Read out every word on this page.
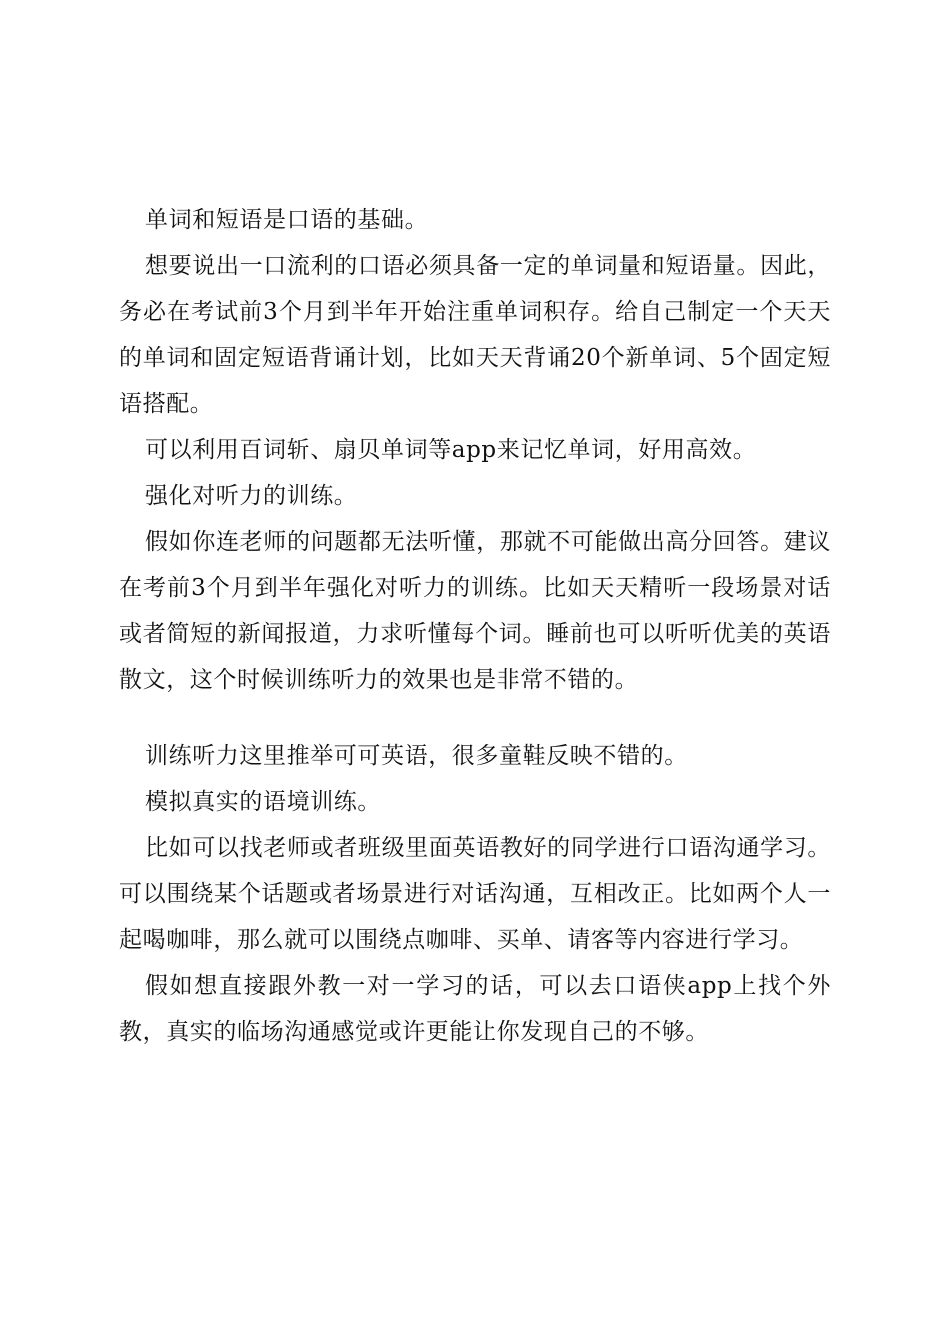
单词和短语是口语的基础。

想要说出一口流利的口语必须具备一定的单词量和短语量。因此，务必在考试前3个月到半年开始注重单词积存。给自己制定一个天天的单词和固定短语背诵计划，比如天天背诵20个新单词、5个固定短语搭配。

可以利用百词斩、扇贝单词等app来记忆单词，好用高效。

强化对听力的训练。

假如你连老师的问题都无法听懂，那就不可能做出高分回答。建议在考前3个月到半年强化对听力的训练。比如天天精听一段场景对话或者简短的新闻报道，力求听懂每个词。睡前也可以听听优美的英语散文，这个时候训练听力的效果也是非常不错的。

训练听力这里推举可可英语，很多童鞋反映不错的。

模拟真实的语境训练。

比如可以找老师或者班级里面英语教好的同学进行口语沟通学习。可以围绕某个话题或者场景进行对话沟通，互相改正。比如两个人一起喝咖啡，那么就可以围绕点咖啡、买单、请客等内容进行学习。

假如想直接跟外教一对一学习的话，可以去口语侠app上找个外教，真实的临场沟通感觉或许更能让你发现自己的不够。
